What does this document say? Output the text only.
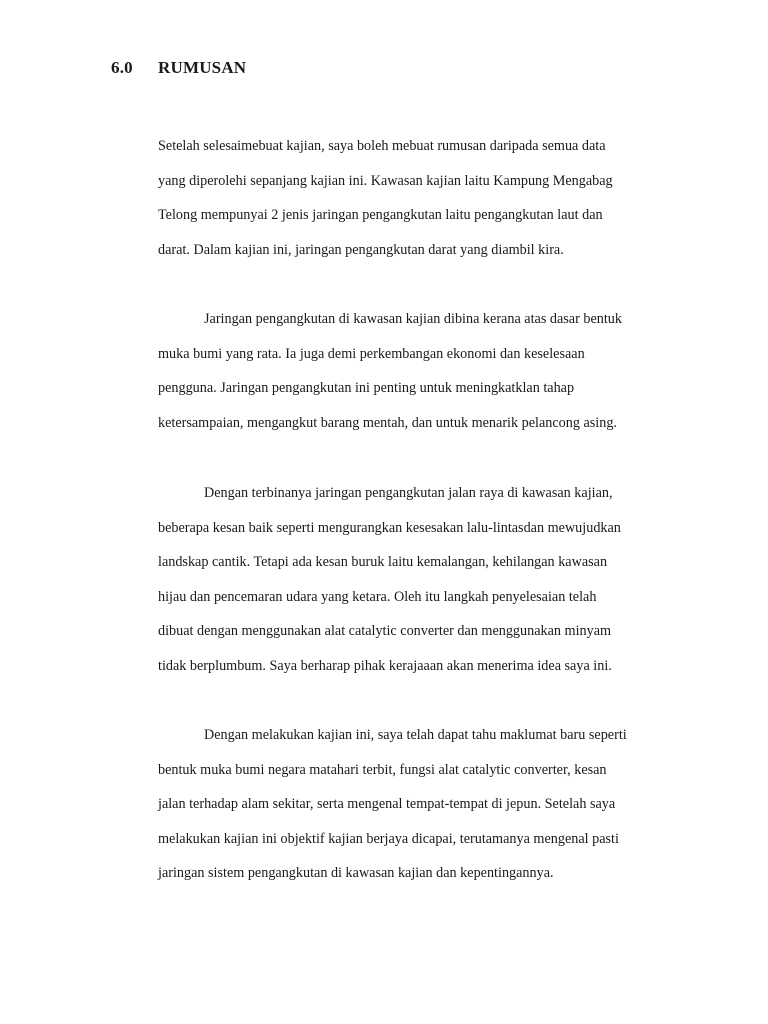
6.0 RUMUSAN
Setelah selesaimebuat kajian, saya boleh mebuat rumusan daripada semua data
yang diperolehi sepanjang kajian ini. Kawasan kajian laitu Kampung Mengabag
Telong mempunyai 2 jenis jaringan pengangkutan laitu pengangkutan laut dan
darat. Dalam kajian ini, jaringan pengangkutan darat yang diambil kira.
Jaringan pengangkutan di kawasan kajian dibina kerana atas dasar bentuk
muka bumi yang rata. Ia juga demi perkembangan ekonomi dan keselesaan
pengguna. Jaringan pengangkutan ini penting untuk meningkatklan tahap
ketersampaian, mengangkut barang mentah, dan untuk menarik pelancong asing.
Dengan terbinanya jaringan pengangkutan jalan raya di kawasan kajian,
beberapa kesan baik seperti mengurangkan kesesakan lalu-lintasdan mewujudkan
landskap cantik. Tetapi ada kesan buruk laitu kemalangan, kehilangan kawasan
hijau dan pencemaran udara yang ketara. Oleh itu langkah penyelesaian telah
dibuat dengan menggunakan alat catalytic converter dan menggunakan minyam
tidak berplumbum. Saya berharap pihak kerajaaan akan menerima idea saya ini.
Dengan melakukan kajian ini, saya telah dapat tahu maklumat baru seperti
bentuk muka bumi negara matahari terbit, fungsi alat catalytic converter, kesan
jalan terhadap alam sekitar, serta mengenal tempat-tempat di jepun. Setelah saya
melakukan kajian ini objektif kajian berjaya dicapai, terutamanya mengenal pasti
jaringan sistem pengangkutan di kawasan kajian dan kepentingannya.
